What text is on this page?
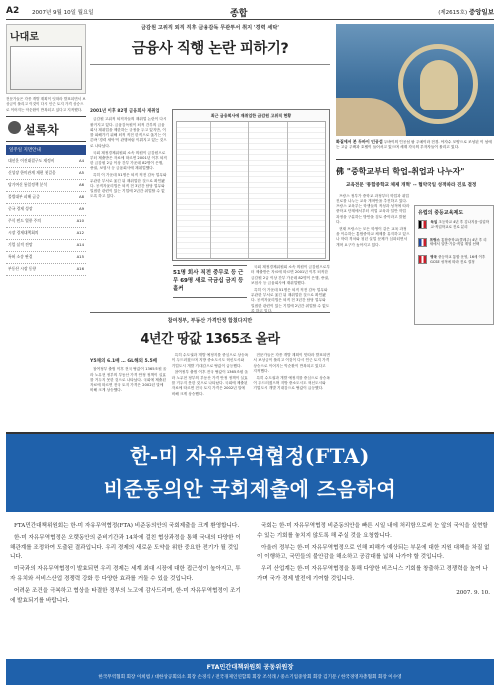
A2 2007년 9월 10일 월요일	종합	(제2615호) 중앙일보
나대로

전문가들은 각종 개발 계획이 잇따라 발표되면서 보상금이 풀리고 이것이 다시 인근 토지 가격 상승으로 이어지는 악순환이 반복되고 있다고 지적했다.

설록차
일주일 지면안내
대선운 이진대결구도 재정비	A4
신성장 한미관계 재편 첫걸음	A5
당기여신 통일정책 분석	A6
불법대부 피해 급증	A8
중국 경제 성장	A9
주식 펀드 열풍 주의	A10
시장 경제대책회의	A12
기업 실적 전망	A14
특허 소송 판결	A15
부동산 시장 동향	A16
금감원 고위직 퇴직 직후 금융감독 무관투서 취지 '경력 세탁'
금융사 직행 논란 피하기?
2001년 이후 82명 금융회사 재취업

금감원 고위직 퇴직자들의 재취업 논란이 다시 불거지고 있다. 금융감독원이 퇴직 간부의 금융회사 재취업을 제한하는 규정을 두고 있지만, 이를 피해가기 위해 퇴직 직전 한직으로 옮기는 이른바 '경력 세탁'이 관행처럼 이뤄지고 있는 것으로 나타났다.

국회 재정경제위원회 소속 의원이 금감원으로부터 제출받은 자료에 따르면 2001년 이후 퇴직한 금감원 2급 이상 간부 가운데 82명이 은행, 증권, 보험사 등 금융회사에 재취업했다.

특히 이 가운데 51명은 퇴직 직전 감독 업무와 무관한 부서로 옮긴 뒤 재취업한 것으로 확인됐다. 공직자윤리법은 퇴직 전 3년간 담당 업무와 밀접한 관련이 있는 기업에 2년간 취업할 수 없도록 하고 있다.

최근 금융회사에 재취업한 금감원 고위직 현황
51명 회사 직전 중무로 등 근무 69명 새로 극금십 금지 등 흘커

국회 재정경제위원회 소속 의원이 금감원으로부터 제출받은 자료에 따르면 2001년 이후 퇴직한 금감원 2급 이상 간부 가운데 82명이 은행, 증권, 보험사 등 금융회사에 재취업했다.

특히 이 가운데 51명은 퇴직 직전 감독 업무와 무관한 부서로 옮긴 뒤 재취업한 것으로 확인됐다. 공직자윤리법은 퇴직 전 3년간 담당 업무와 밀접한 관련이 있는 기업에 2년간 취업할 수 없도록 하고 있다.

참여정부, 부동산 가격안정 합쳤다지만
4년간 땅값 1365조 올라
Y5채의 6.1배 … GL해외 5.5배

참여정부 출범 이후 전국 땅값이 1365조원 올라 노무현 정부의 부동산 가격 안정 정책이 실효를 거두지 못한 것으로 나타났다. 국회에 제출된 자료에 따르면 전국 토지 가격은 2002년 말에 비해 크게 상승했다.

특히 수도권과 개발 예정지를 중심으로 상승폭이 두드러졌으며 지방 중소도시도 혁신도시와 기업도시 개발 기대감으로 땅값이 급등했다.

참여정부 출범 이후 전국 땅값이 1365조원 올라 노무현 정부의 부동산 가격 안정 정책이 실효를 거두지 못한 것으로 나타났다. 국회에 제출된 자료에 따르면 전국 토지 가격은 2002년 말에 비해 크게 상승했다.

전문가들은 각종 개발 계획이 잇따라 발표되면서 보상금이 풀리고 이것이 다시 인근 토지 가격 상승으로 이어지는 악순환이 반복되고 있다고 지적했다.

특히 수도권과 개발 예정지를 중심으로 상승폭이 두드러졌으며 지방 중소도시도 혁신도시와 기업도시 개발 기대감으로 땅값이 급등했다.

화질에서 본 두바이 인공섬 두바이의 인공섬 팜 주메이라 전경. 야자수 모양으로 조성된 이 섬에는 고급 주택과 호텔이 들어서고 있으며 세계 각국의 투자자들이 몰리고 있다.
佛 "중학교부터 학업-취업과 나누자"
교육전문 '통합중학교 체제 개혁' -- 협약국일 성적따라 진로 결정

프랑스 정부가 중학교 과정부터 학업과 취업 진로를 나누는 교육 개혁안을 추진하고 있다. 프랑스 교육부는 학생들의 적성과 성적에 따라 중학교 단계에서부터 직업 교육과 일반 학업 과정을 구분하는 방안을 검토 중이라고 밝혔다.

현재 프랑스는 모든 학생이 같은 교육 과정을 이수하는 통합중학교 체제를 유지하고 있으나 학력 격차와 청년 실업 문제가 심화되면서 개혁 요구가 높아지고 있다.

유럽의 중등교육제도
독일 초등학교 4년 후 김나지움·실업학교·직업학교로 진로 분리
프랑스 통합중학교(콜레주) 4년 후 리세에서 일반·기술·직업 계열 선택
영국 중등학교 통합 운영, 16세 이후 GCSE 성적에 따라 진로 결정
한-미 자유무역협정(FTA)
비준동의안 국회제출에 즈음하여

FTA민간대책위원회는 한-미 자유무역협정(FTA) 비준동의안의 국회제출을 크게 환영합니다.

한-미 자유무역협정은 오랫동안의 준비기간과 14차에 걸친 협상과정을 통해 국내의 다양한 이해관계를 조정하여 도출된 결과입니다. 우리 경제의 새로운 도약을 위한 중요한 전기가 될 것입니다.

미국과의 자유무역협정이 발효되면 우리 경제는 세계 최대 시장에 대한 접근성이 높아지고, 투자 유치와 서비스산업 경쟁력 강화 등 다양한 효과를 거둘 수 있을 것입니다.

어려운 조건을 극복하고 협상을 타결한 정부의 노고에 감사드리며, 한-미 자유무역협정이 조기에 발효되기를 바랍니다.

국회는 한-미 자유무역협정 비준동의안을 빠른 시일 내에 처리함으로써 눈 앞의 국익을 실현할 수 있는 기회를 놓치지 않도록 해 주실 것을 요청합니다.

아울러 정부는 한-미 자유무역협정으로 인해 피해가 예상되는 부문에 대한 지원 대책을 차질 없이 이행하고, 국민들의 불안감을 해소하고 공감대를 넓혀 나가야 할 것입니다.

우리 산업계는 한-미 자유무역협정을 통해 다양한 비즈니스 기회를 창출하고 경쟁력을 높여 나가며 국가 경제 발전에 기여할 것입니다.

2007. 9. 10.

FTA민간대책위원회 공동위원장
한국무역협회 회장 이희범 / 대한상공회의소 회장 손경식 / 전국경제인연합회 회장 조석래 / 중소기업중앙회 회장 김기문 / 한국경영자총협회 회장 이수영
